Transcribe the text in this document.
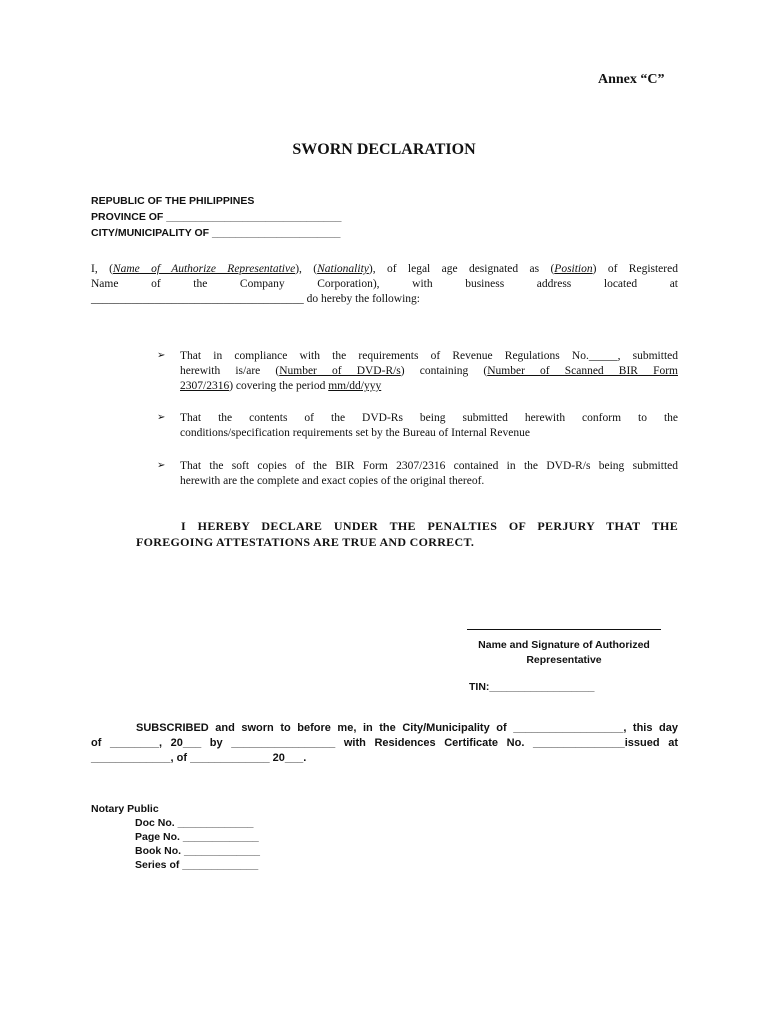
Annex “C”
SWORN DECLARATION
REPUBLIC OF THE PHILIPPINES
PROVINCE OF ______________________________
CITY/MUNICIPALITY OF ______________________
I, (Name of Authorize Representative), (Nationality), of legal age designated as (Position) of Registered
Name of the Company Corporation), with business address located at
_____________________________________ do hereby the following:
➢ That in compliance with the requirements of Revenue Regulations No._____, submitted
herewith is/are (Number of DVD-R/s) containing (Number of Scanned BIR Form
2307/2316) covering the period mm/dd/yyy
➢ That the contents of the DVD-Rs being submitted herewith conform to the
conditions/specification requirements set by the Bureau of Internal Revenue
➢ That the soft copies of the BIR Form 2307/2316 contained in the DVD-R/s being submitted
herewith are the complete and exact copies of the original thereof.
I HEREBY DECLARE UNDER THE PENALTIES OF PERJURY THAT THE
FOREGOING ATTESTATIONS ARE TRUE AND CORRECT.
Name and Signature of Authorized
Representative
TIN:__________________
SUBSCRIBED and sworn to before me, in the City/Municipality of __________________, this day
of ________, 20___ by _________________ with Residences Certificate No. _______________issued at
_____________, of _____________ 20___.
Notary Public
Doc No. _____________
Page No. _____________
Book No. _____________
Series of _____________
